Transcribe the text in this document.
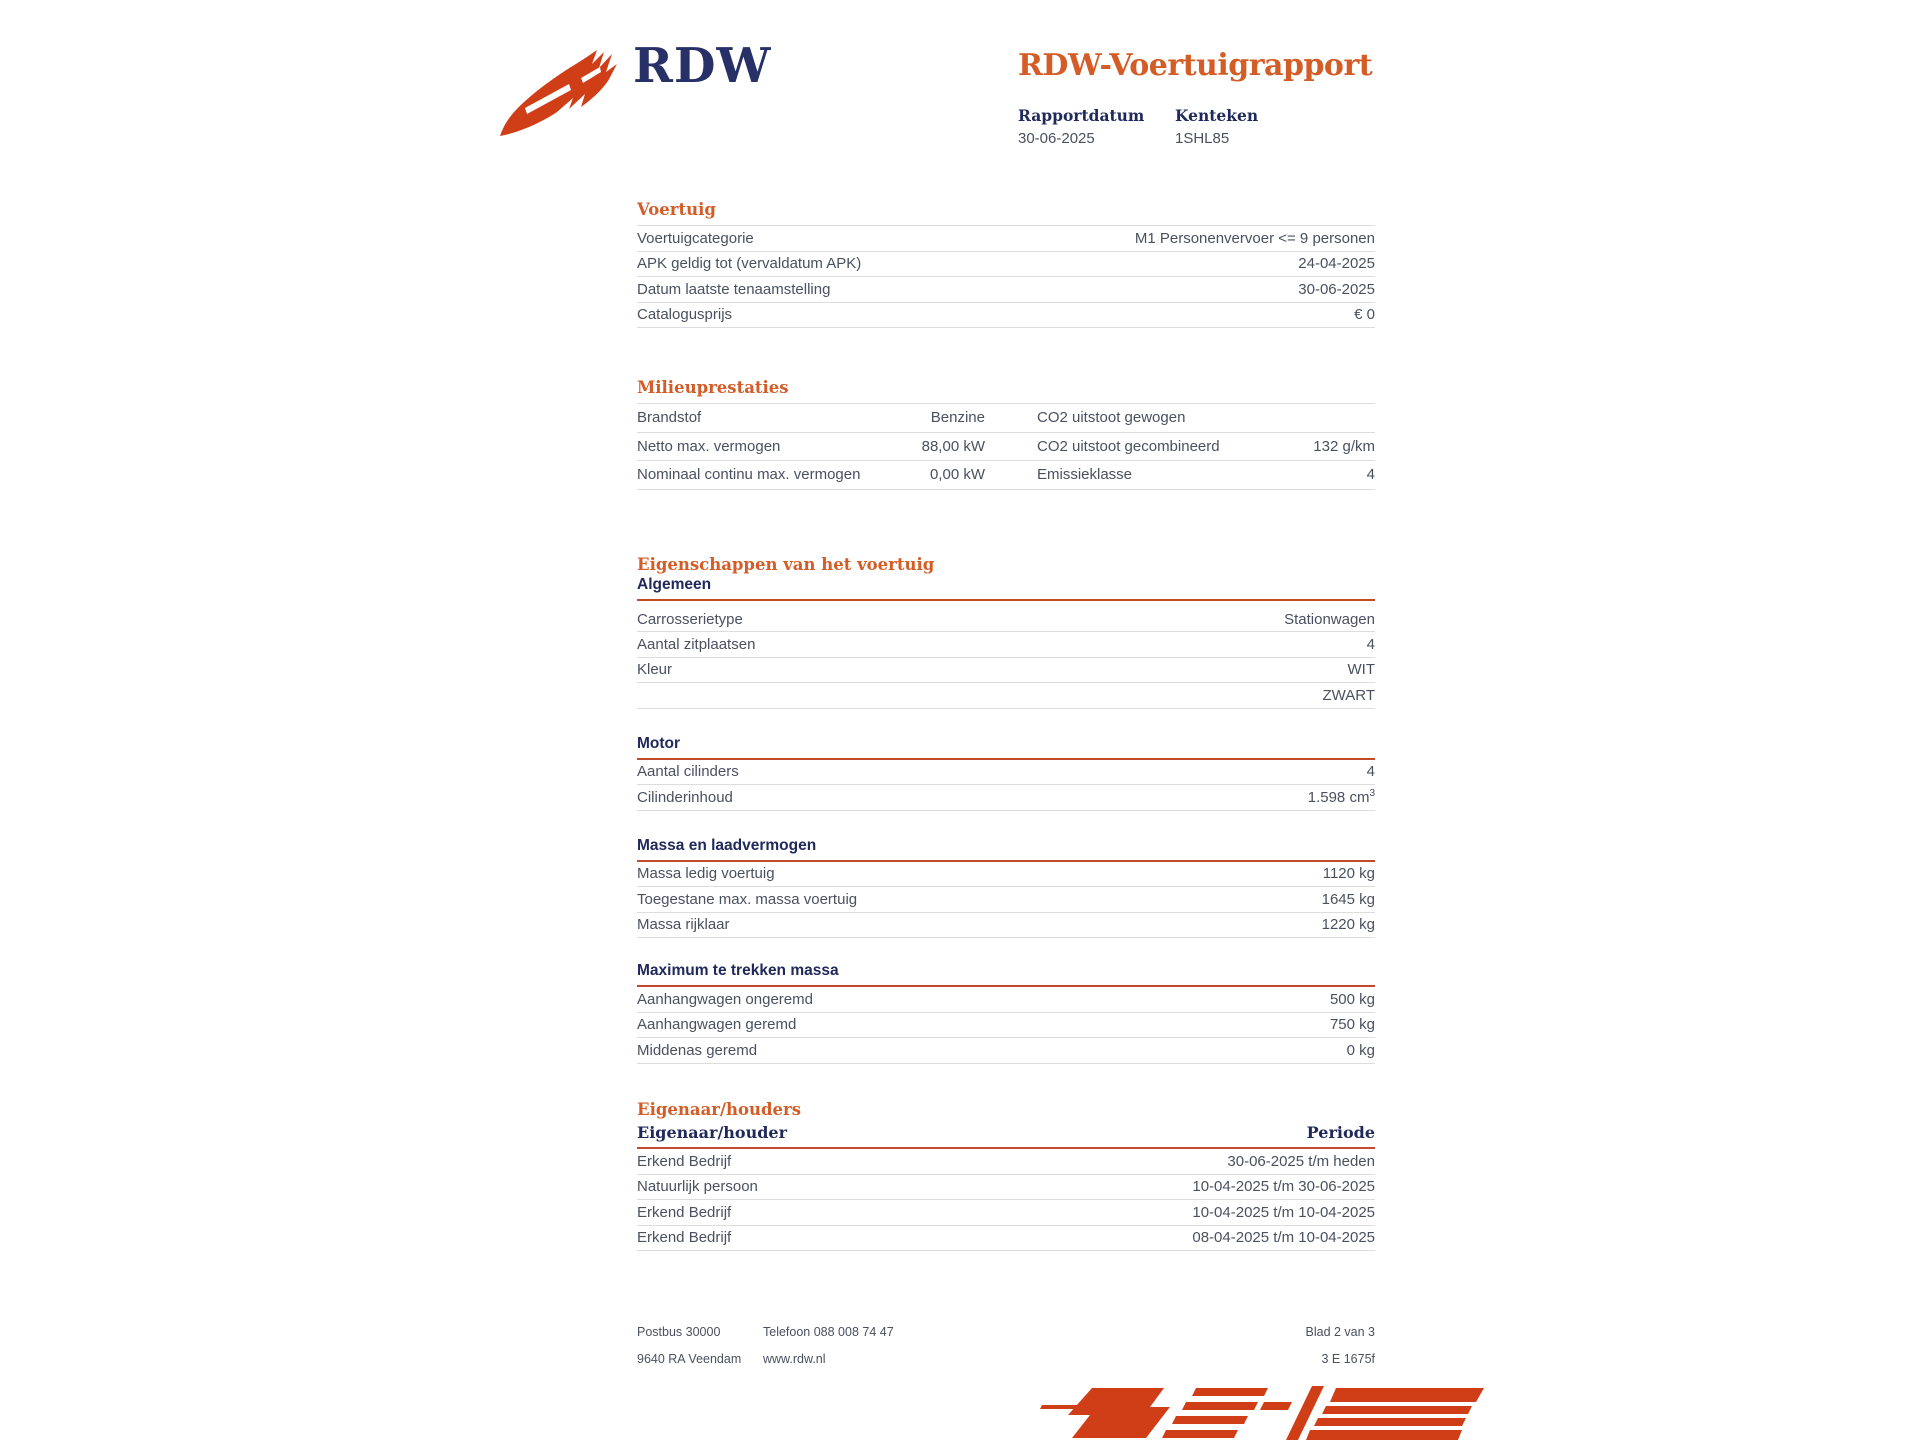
RDW	RDW-Voertuigrapport
Rapportdatum Kenteken
30-06-2025	1SHL85
Voertuig
Voertuigcategorie	M1 Personenvervoer <= 9 personen
APK geldig tot (vervaldatum APK)	24-04-2025
Datum laatste tenaamstelling	30-06-2025
Catalogusprijs	€ 0
Milieuprestaties
Brandstof	Benzine	CO2 uitstoot gewogen
Netto max. vermogen	88,00 kW	CO2 uitstoot gecombineerd	132 g/km
Nominaal continu max. vermogen	0,00 kW	Emissieklasse	4
Eigenschappen van het voertuig
Algemeen
Carrosserietype	Stationwagen
Aantal zitplaatsen	4
Kleur	WIT
ZWART
Motor
Aantal cilinders	4
Cilinderinhoud	1.598 $cm^3$
Massa en laadvermogen
Massa ledig voertuig	1120 kg
Toegestane max. massa voertuig	1645 kg
Massa rijklaar	1220 kg
Maximum te trekken massa
Aanhangwagen ongeremd	500 kg
Aanhangwagen geremd	750 kg
Middenas geremd	0 kg
Eigenaar/houders
Eigenaar/houder	Periode
Erkend Bedrijf	30-06-2025 t/m heden
Natuurlijk persoon	10-04-2025 t/m 30-06-2025
Erkend Bedrijf	10-04-2025 t/m 10-04-2025
Erkend Bedrijf	08-04-2025 t/m 10-04-2025
Postbus 30000
9640 RA Veendam
Telefoon 088 008 74 47
www.rdw.nl
Blad 2 van 3
3 E 1675f
